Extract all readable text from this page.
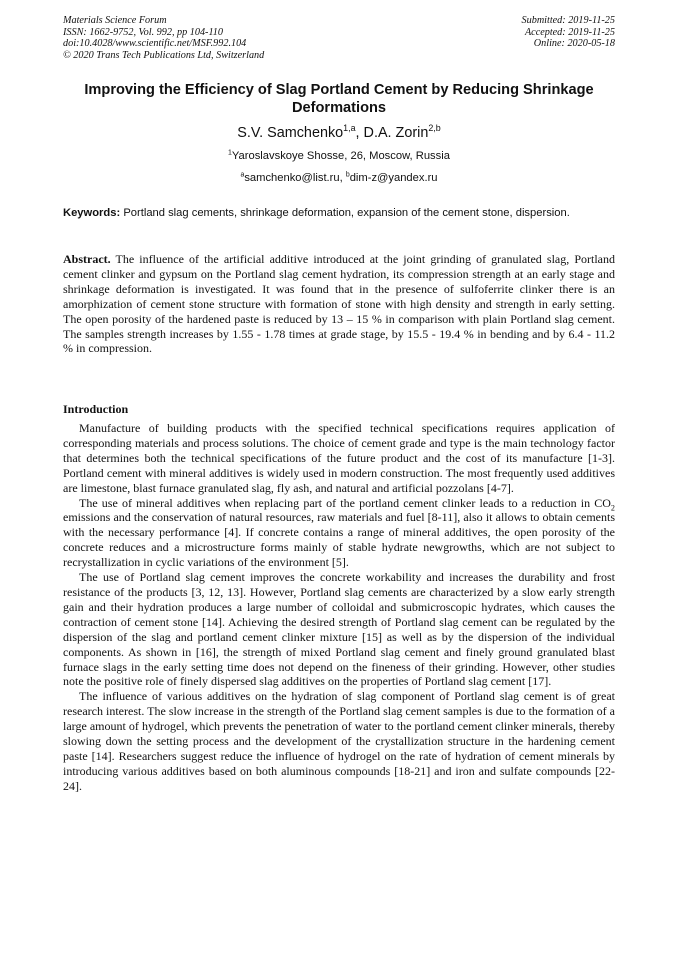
Materials Science Forum
ISSN: 1662-9752, Vol. 992, pp 104-110
doi:10.4028/www.scientific.net/MSF.992.104
© 2020 Trans Tech Publications Ltd, Switzerland
Submitted: 2019-11-25
Accepted: 2019-11-25
Online: 2020-05-18
Improving the Efficiency of Slag Portland Cement by Reducing Shrinkage Deformations
S.V. Samchenko$^{1,a}$, D.A. Zorin$^{2,b}$
$^1$Yaroslavskoye Shosse, 26, Moscow, Russia
$^a$samchenko@list.ru, $^b$dim-z@yandex.ru
Keywords: Portland slag cements, shrinkage deformation, expansion of the cement stone, dispersion.

Abstract. The influence of the artificial additive introduced at the joint grinding of granulated slag, Portland cement clinker and gypsum on the Portland slag cement hydration, its compression strength at an early stage and shrinkage deformation is investigated. It was found that in the presence of sulfoferrite clinker there is an amorphization of cement stone structure with formation of stone with high density and strength in early setting. The open porosity of the hardened paste is reduced by 13 – 15 % in comparison with plain Portland slag cement. The samples strength increases by 1.55 - 1.78 times at grade stage, by 15.5 - 19.4 % in bending and by 6.4 - 11.2 % in compression.

Introduction

Manufacture of building products with the specified technical specifications requires application of corresponding materials and process solutions. The choice of cement grade and type is the main technology factor that determines both the technical specifications of the future product and the cost of its manufacture [1-3]. Portland cement with mineral additives is widely used in modern construction. The most frequently used additives are limestone, blast furnace granulated slag, fly ash, and natural and artificial pozzolans [4-7].

The use of mineral additives when replacing part of the portland cement clinker leads to a reduction in $CO_2$ emissions and the conservation of natural resources, raw materials and fuel [8-11], also it allows to obtain cements with the necessary performance [4]. If concrete contains a range of mineral additives, the open porosity of the concrete reduces and a microstructure forms mainly of stable hydrate newgrowths, which are not subject to recrystallization in cyclic variations of the environment [5].

The use of Portland slag cement improves the concrete workability and increases the durability and frost resistance of the products [3, 12, 13]. However, Portland slag cements are characterized by a slow early strength gain and their hydration produces a large number of colloidal and submicroscopic hydrates, which causes the contraction of cement stone [14]. Achieving the desired strength of Portland slag cement can be regulated by the dispersion of the slag and portland cement clinker mixture [15] as well as by the dispersion of the individual components. As shown in [16], the strength of mixed Portland slag cement and finely ground granulated blast furnace slags in the early setting time does not depend on the fineness of their grinding. However, other studies note the positive role of finely dispersed slag additives on the properties of Portland slag cement [17].

The influence of various additives on the hydration of slag component of Portland slag cement is of great research interest. The slow increase in the strength of the Portland slag cement samples is due to the formation of a large amount of hydrogel, which prevents the penetration of water to the portland cement clinker minerals, thereby slowing down the setting process and the development of the crystallization structure in the hardening cement paste [14]. Researchers suggest reduce the influence of hydrogel on the rate of hydration of cement minerals by introducing various additives based on both aluminous compounds [18-21] and iron and sulfate compounds [22-24].
